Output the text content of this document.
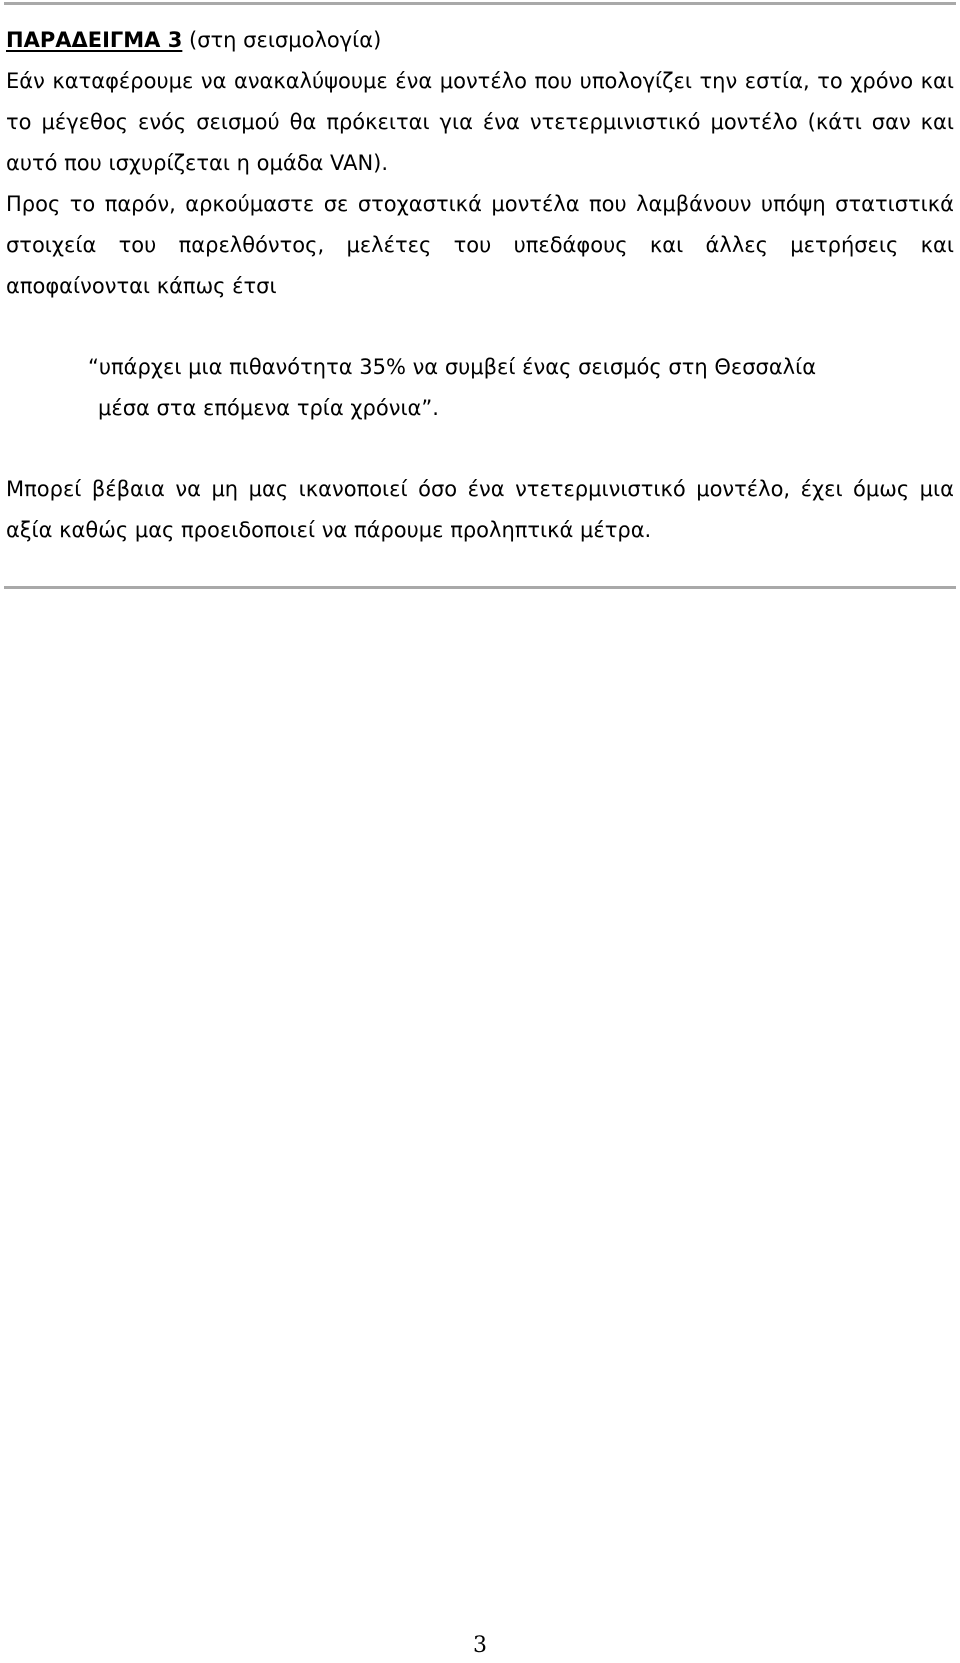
ΠΑΡΑΔΕΙΓΜΑ 3 (στη σεισμολογία)

Εάν καταφέρουμε να ανακαλύψουμε ένα μοντέλο που υπολογίζει την εστία, το χρόνο και το μέγεθος ενός σεισμού θα πρόκειται για ένα ντετερμινιστικό μοντέλο (κάτι σαν και αυτό που ισχυρίζεται η ομάδα VAN).

Προς το παρόν, αρκούμαστε σε στοχαστικά μοντέλα που λαμβάνουν υπόψη στατιστικά στοιχεία του παρελθόντος, μελέτες του υπεδάφους και άλλες μετρήσεις και αποφαίνονται κάπως έτσι

“υπάρχει μια πιθανότητα 35% να συμβεί ένας σεισμός στη Θεσσαλία
μέσα στα επόμενα τρία χρόνια”.

Μπορεί βέβαια να μη μας ικανοποιεί όσο ένα ντετερμινιστικό μοντέλο, έχει όμως μια αξία καθώς μας προειδοποιεί να πάρουμε προληπτικά μέτρα.

3
